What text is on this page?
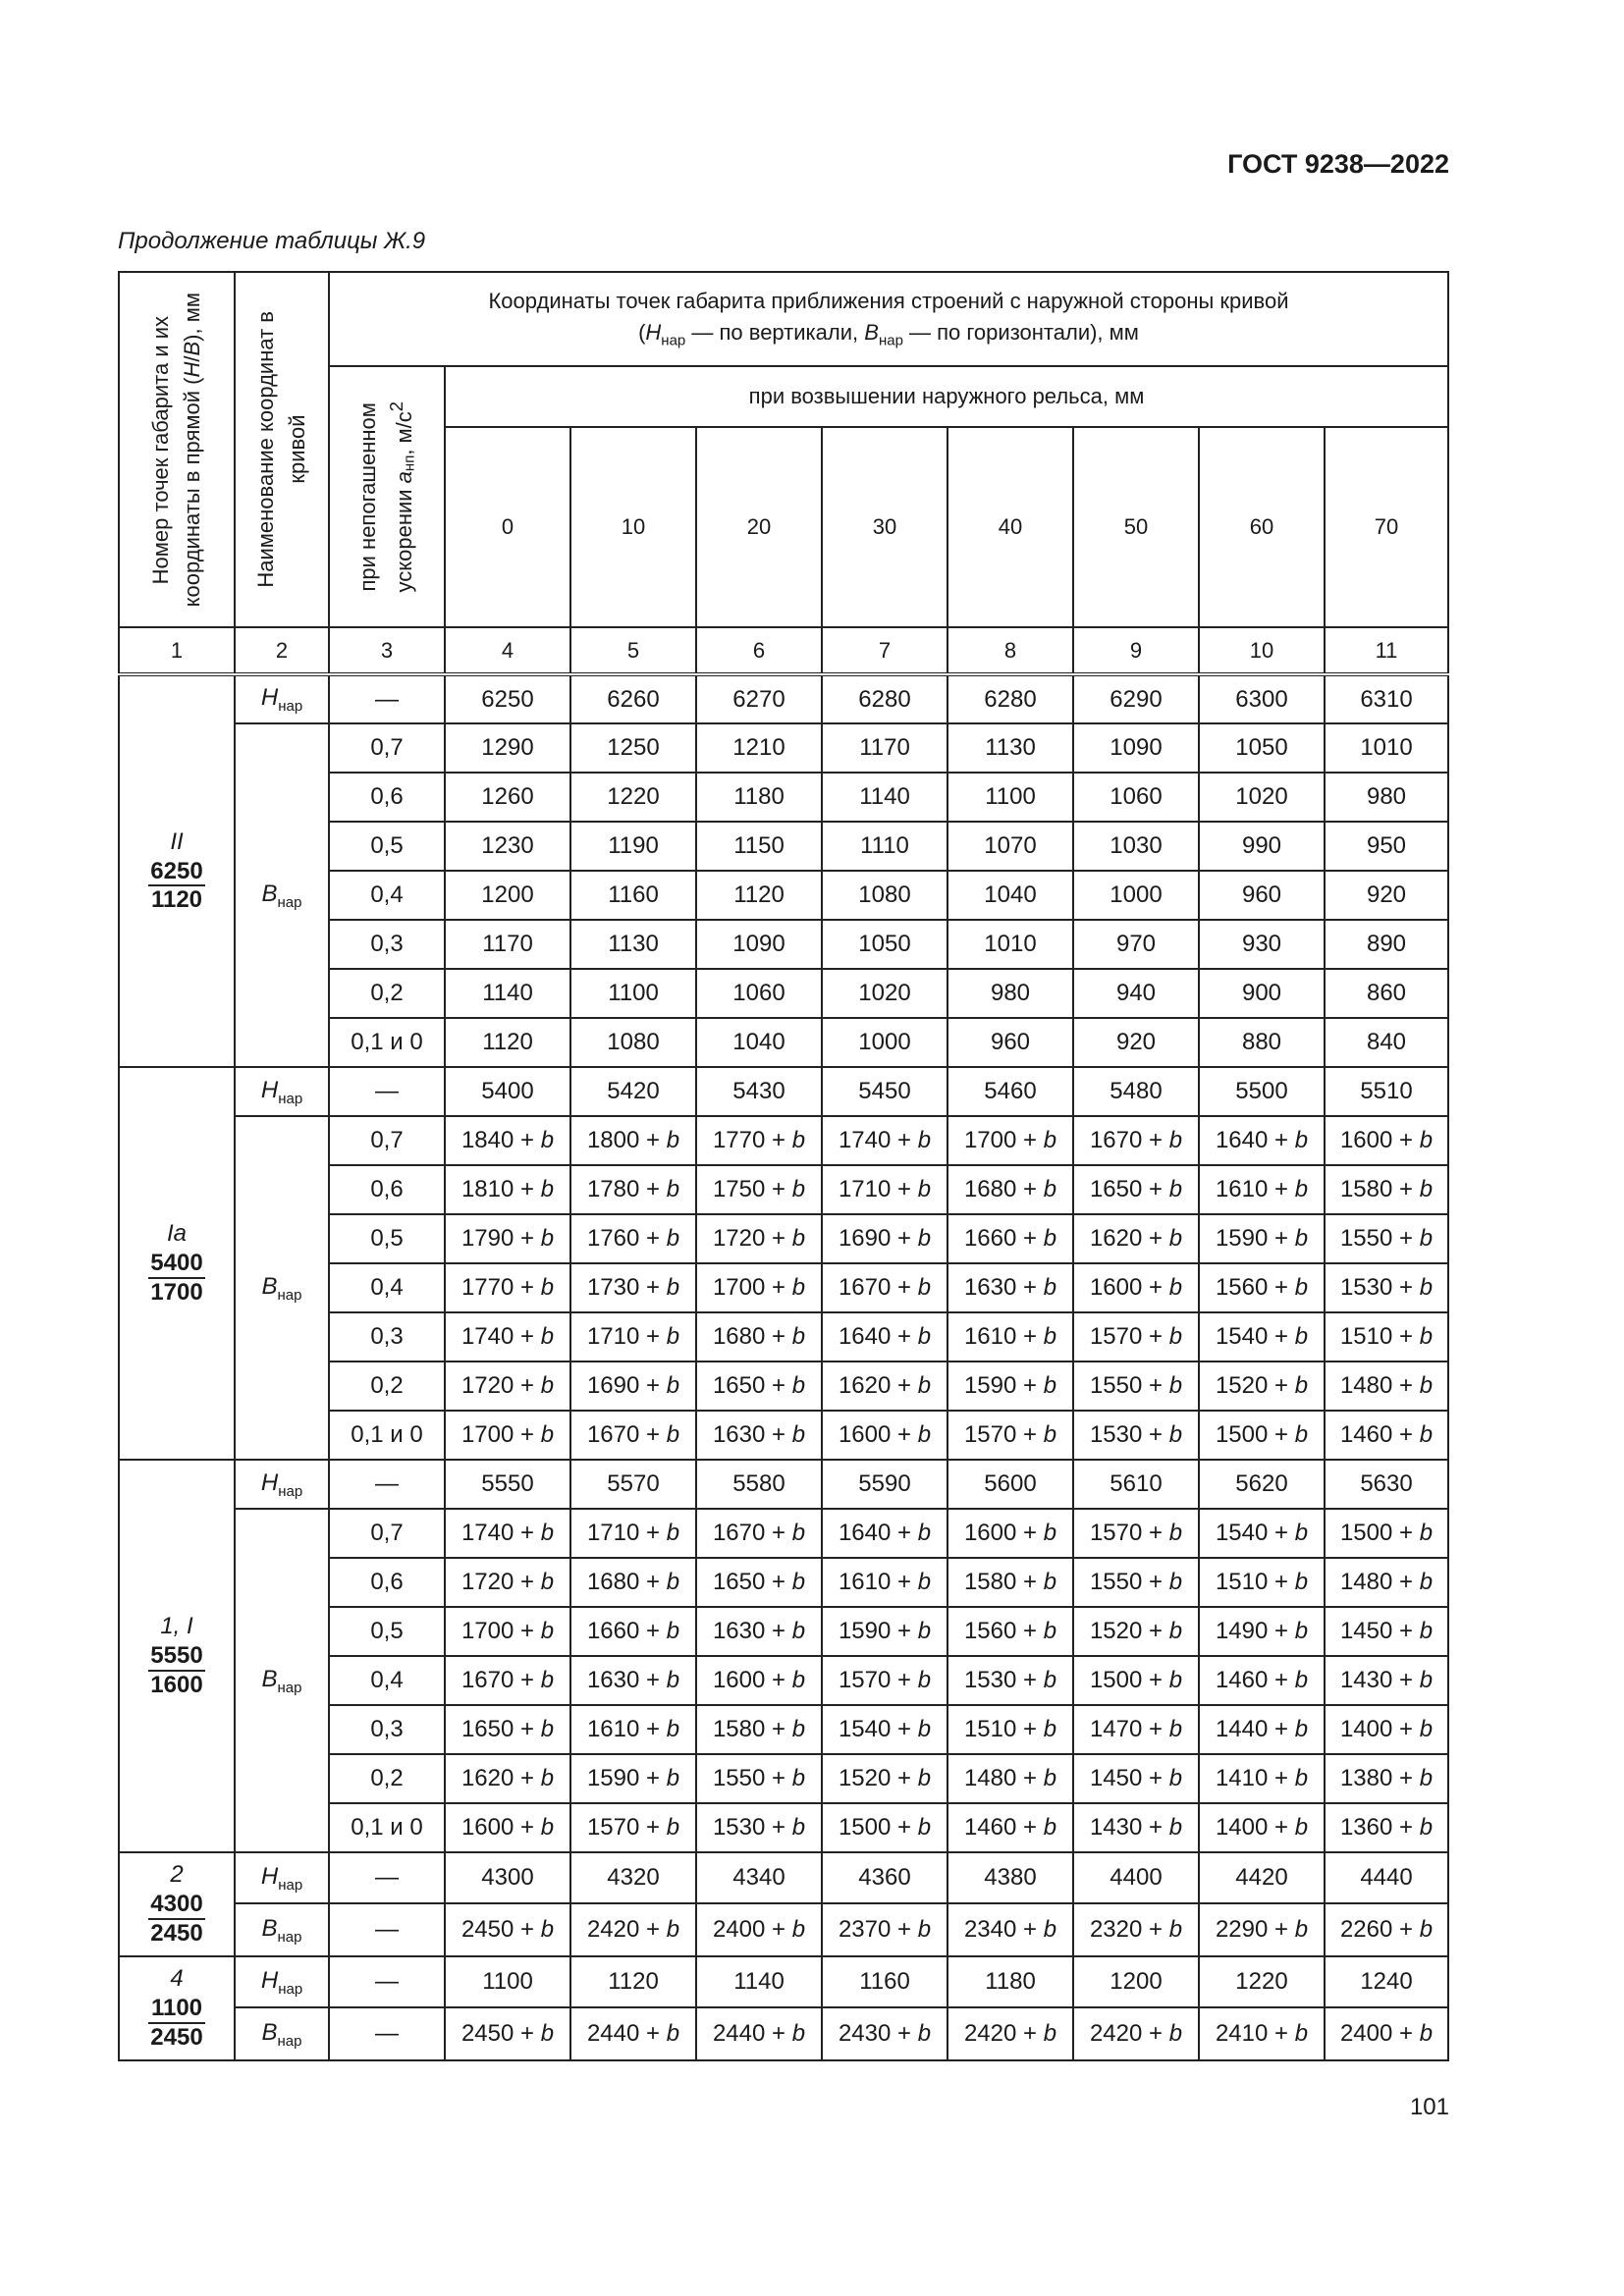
ГОСТ 9238—2022
Продолжение таблицы Ж.9
Номер точек габарита и их координаты в прямой (H/B), мм	Наименование координат в кривой	Координаты точек габарита приближения строений с наружной стороны кривой
($H_{нар}$ — по вертикали, $B_{нар}$ — по горизонтали), мм								

		при непогашенном ускорении $a_{нп}$, $м/с^2$	при возвышении наружного рельса, мм							
			0	10	20	30	40	50	60	70
1	2	3	4	5	6	7	8	9	10	11

II
$\frac{6250}{1120}$	$H_{нар}$	—	6250	6260	6270	6280	6280	6290	6300	6310
	$B_{нар}$	0,7	1290	1250	1210	1170	1130	1090	1050	1010
		0,6	1260	1220	1180	1140	1100	1060	1020	980
		0,5	1230	1190	1150	1110	1070	1030	990	950
		0,4	1200	1160	1120	1080	1040	1000	960	920
		0,3	1170	1130	1090	1050	1010	970	930	890
		0,2	1140	1100	1060	1020	980	940	900	860
		0,1 и 0	1120	1080	1040	1000	960	920	880	840

Ia
$\frac{5400}{1700}$	$H_{нар}$	—	5400	5420	5430	5450	5460	5480	5500	5510
	$B_{нар}$	0,7	1840 + b	1800 + b	1770 + b	1740 + b	1700 + b	1670 + b	1640 + b	1600 + b
		0,6	1810 + b	1780 + b	1750 + b	1710 + b	1680 + b	1650 + b	1610 + b	1580 + b
		0,5	1790 + b	1760 + b	1720 + b	1690 + b	1660 + b	1620 + b	1590 + b	1550 + b
		0,4	1770 + b	1730 + b	1700 + b	1670 + b	1630 + b	1600 + b	1560 + b	1530 + b
		0,3	1740 + b	1710 + b	1680 + b	1640 + b	1610 + b	1570 + b	1540 + b	1510 + b
		0,2	1720 + b	1690 + b	1650 + b	1620 + b	1590 + b	1550 + b	1520 + b	1480 + b
		0,1 и 0	1700 + b	1670 + b	1630 + b	1600 + b	1570 + b	1530 + b	1500 + b	1460 + b

1, I
$\frac{5550}{1600}$	$H_{нар}$	—	5550	5570	5580	5590	5600	5610	5620	5630
	$B_{нар}$	0,7	1740 + b	1710 + b	1670 + b	1640 + b	1600 + b	1570 + b	1540 + b	1500 + b
		0,6	1720 + b	1680 + b	1650 + b	1610 + b	1580 + b	1550 + b	1510 + b	1480 + b
		0,5	1700 + b	1660 + b	1630 + b	1590 + b	1560 + b	1520 + b	1490 + b	1450 + b
		0,4	1670 + b	1630 + b	1600 + b	1570 + b	1530 + b	1500 + b	1460 + b	1430 + b
		0,3	1650 + b	1610 + b	1580 + b	1540 + b	1510 + b	1470 + b	1440 + b	1400 + b
		0,2	1620 + b	1590 + b	1550 + b	1520 + b	1480 + b	1450 + b	1410 + b	1380 + b
		0,1 и 0	1600 + b	1570 + b	1530 + b	1500 + b	1460 + b	1430 + b	1400 + b	1360 + b

2
$\frac{4300}{2450}$	$H_{нар}$	—	4300	4320	4340	4360	4380	4400	4420	4440
	$B_{нар}$	—	2450 + b	2420 + b	2400 + b	2370 + b	2340 + b	2320 + b	2290 + b	2260 + b

4
$\frac{1100}{2450}$	$H_{нар}$	—	1100	1120	1140	1160	1180	1200	1220	1240
	$B_{нар}$	—	2450 + b	2440 + b	2440 + b	2430 + b	2420 + b	2420 + b	2410 + b	2400 + b
101
